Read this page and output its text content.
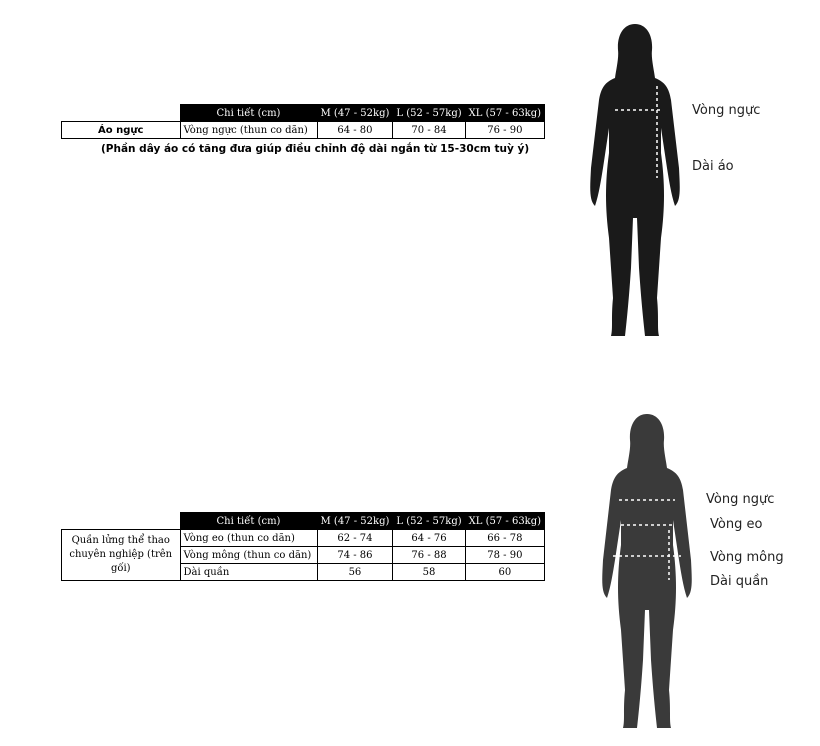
	Chi tiết (cm)	M (47 - 52kg)	L (52 - 57kg)	XL (57 - 63kg)
Áo ngực	Vòng ngực (thun co dãn)	64 - 80	70 - 84	76 - 90
(Phần dây áo có tăng đưa giúp điều chỉnh độ dài ngắn từ 15-30cm tuỳ ý)
Vòng ngực
Dài áo
	Chi tiết (cm)	M (47 - 52kg)	L (52 - 57kg)	XL (57 - 63kg)
Quần lửng thể thao chuyên nghiệp (trên gối)	Vòng eo (thun co dãn)	62 - 74	64 - 76	66 - 78
	Vòng mông (thun co dãn)	74 - 86	76 - 88	78 - 90
	Dài quần	56	58	60
Vòng ngực
Vòng eo
Vòng mông
Dài quần
